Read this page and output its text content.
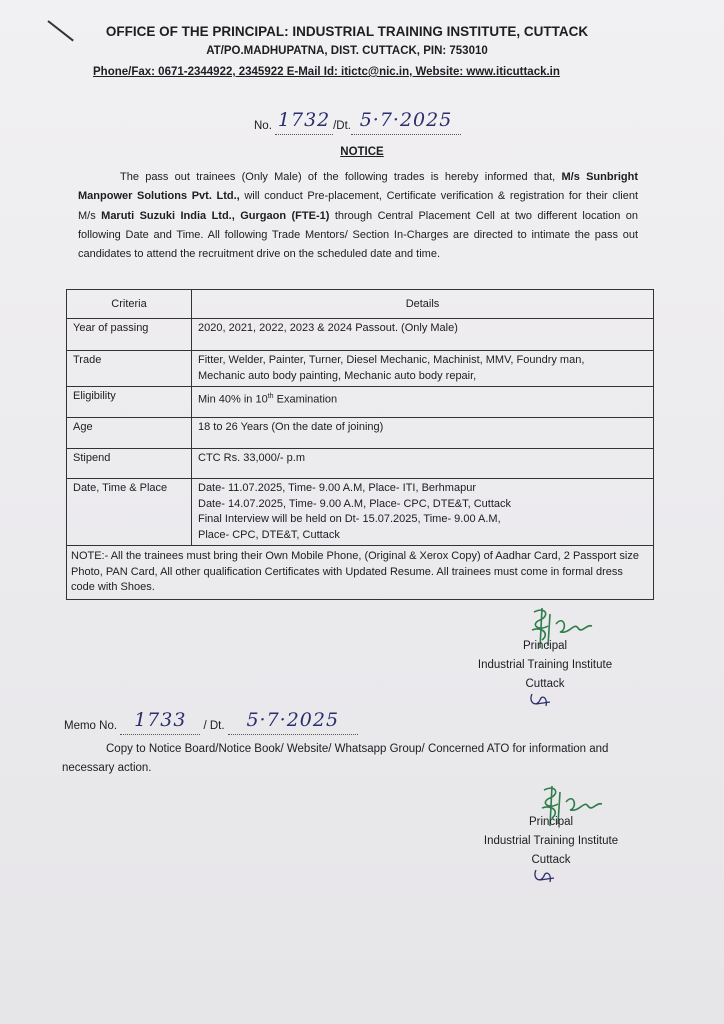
OFFICE OF THE PRINCIPAL: INDUSTRIAL TRAINING INSTITUTE, CUTTACK
AT/PO.MADHUPATNA, DIST. CUTTACK, PIN: 753010
Phone/Fax: 0671-2344922, 2345922 E-Mail Id: itictc@nic.in, Website: www.iticuttack.in
No. 1732 /Dt. 5·7·2025
NOTICE
The pass out trainees (Only Male) of the following trades is hereby informed that, M/s Sunbright Manpower Solutions Pvt. Ltd., will conduct Pre-placement, Certificate verification & registration for their client M/s Maruti Suzuki India Ltd., Gurgaon (FTE-1) through Central Placement Cell at two different location on following Date and Time. All following Trade Mentors/ Section In-Charges are directed to intimate the pass out candidates to attend the recruitment drive on the scheduled date and time.
Criteria	Details
Year of passing	2020, 2021, 2022, 2023 & 2024 Passout. (Only Male)
Trade	Fitter, Welder, Painter, Turner, Diesel Mechanic, Machinist, MMV, Foundry man,
Mechanic auto body painting, Mechanic auto body repair,

Eligibility	Min 40% in 10th Examination
Age	18 to 26 Years (On the date of joining)
Stipend	CTC Rs. 33,000/- p.m
Date, Time & Place	Date- 11.07.2025, Time- 9.00 A.M, Place- ITI, Berhmapur
Date- 14.07.2025, Time- 9.00 A.M, Place- CPC, DTE&T, Cuttack
Final Interview will be held on Dt- 15.07.2025, Time- 9.00 A.M,
Place- CPC, DTE&T, Cuttack

NOTE:- All the trainees must bring their Own Mobile Phone, (Original & Xerox Copy) of Aadhar Card, 2 Passport size Photo, PAN Card, All other qualification Certificates with Updated Resume. All trainees must come in formal dress code with Shoes.	
Principal
Industrial Training Institute
Cuttack
Memo No. 1733 / Dt. 5·7·2025
Copy to Notice Board/Notice Book/ Website/ Whatsapp Group/ Concerned ATO for information and necessary action.
Principal
Industrial Training Institute
Cuttack
